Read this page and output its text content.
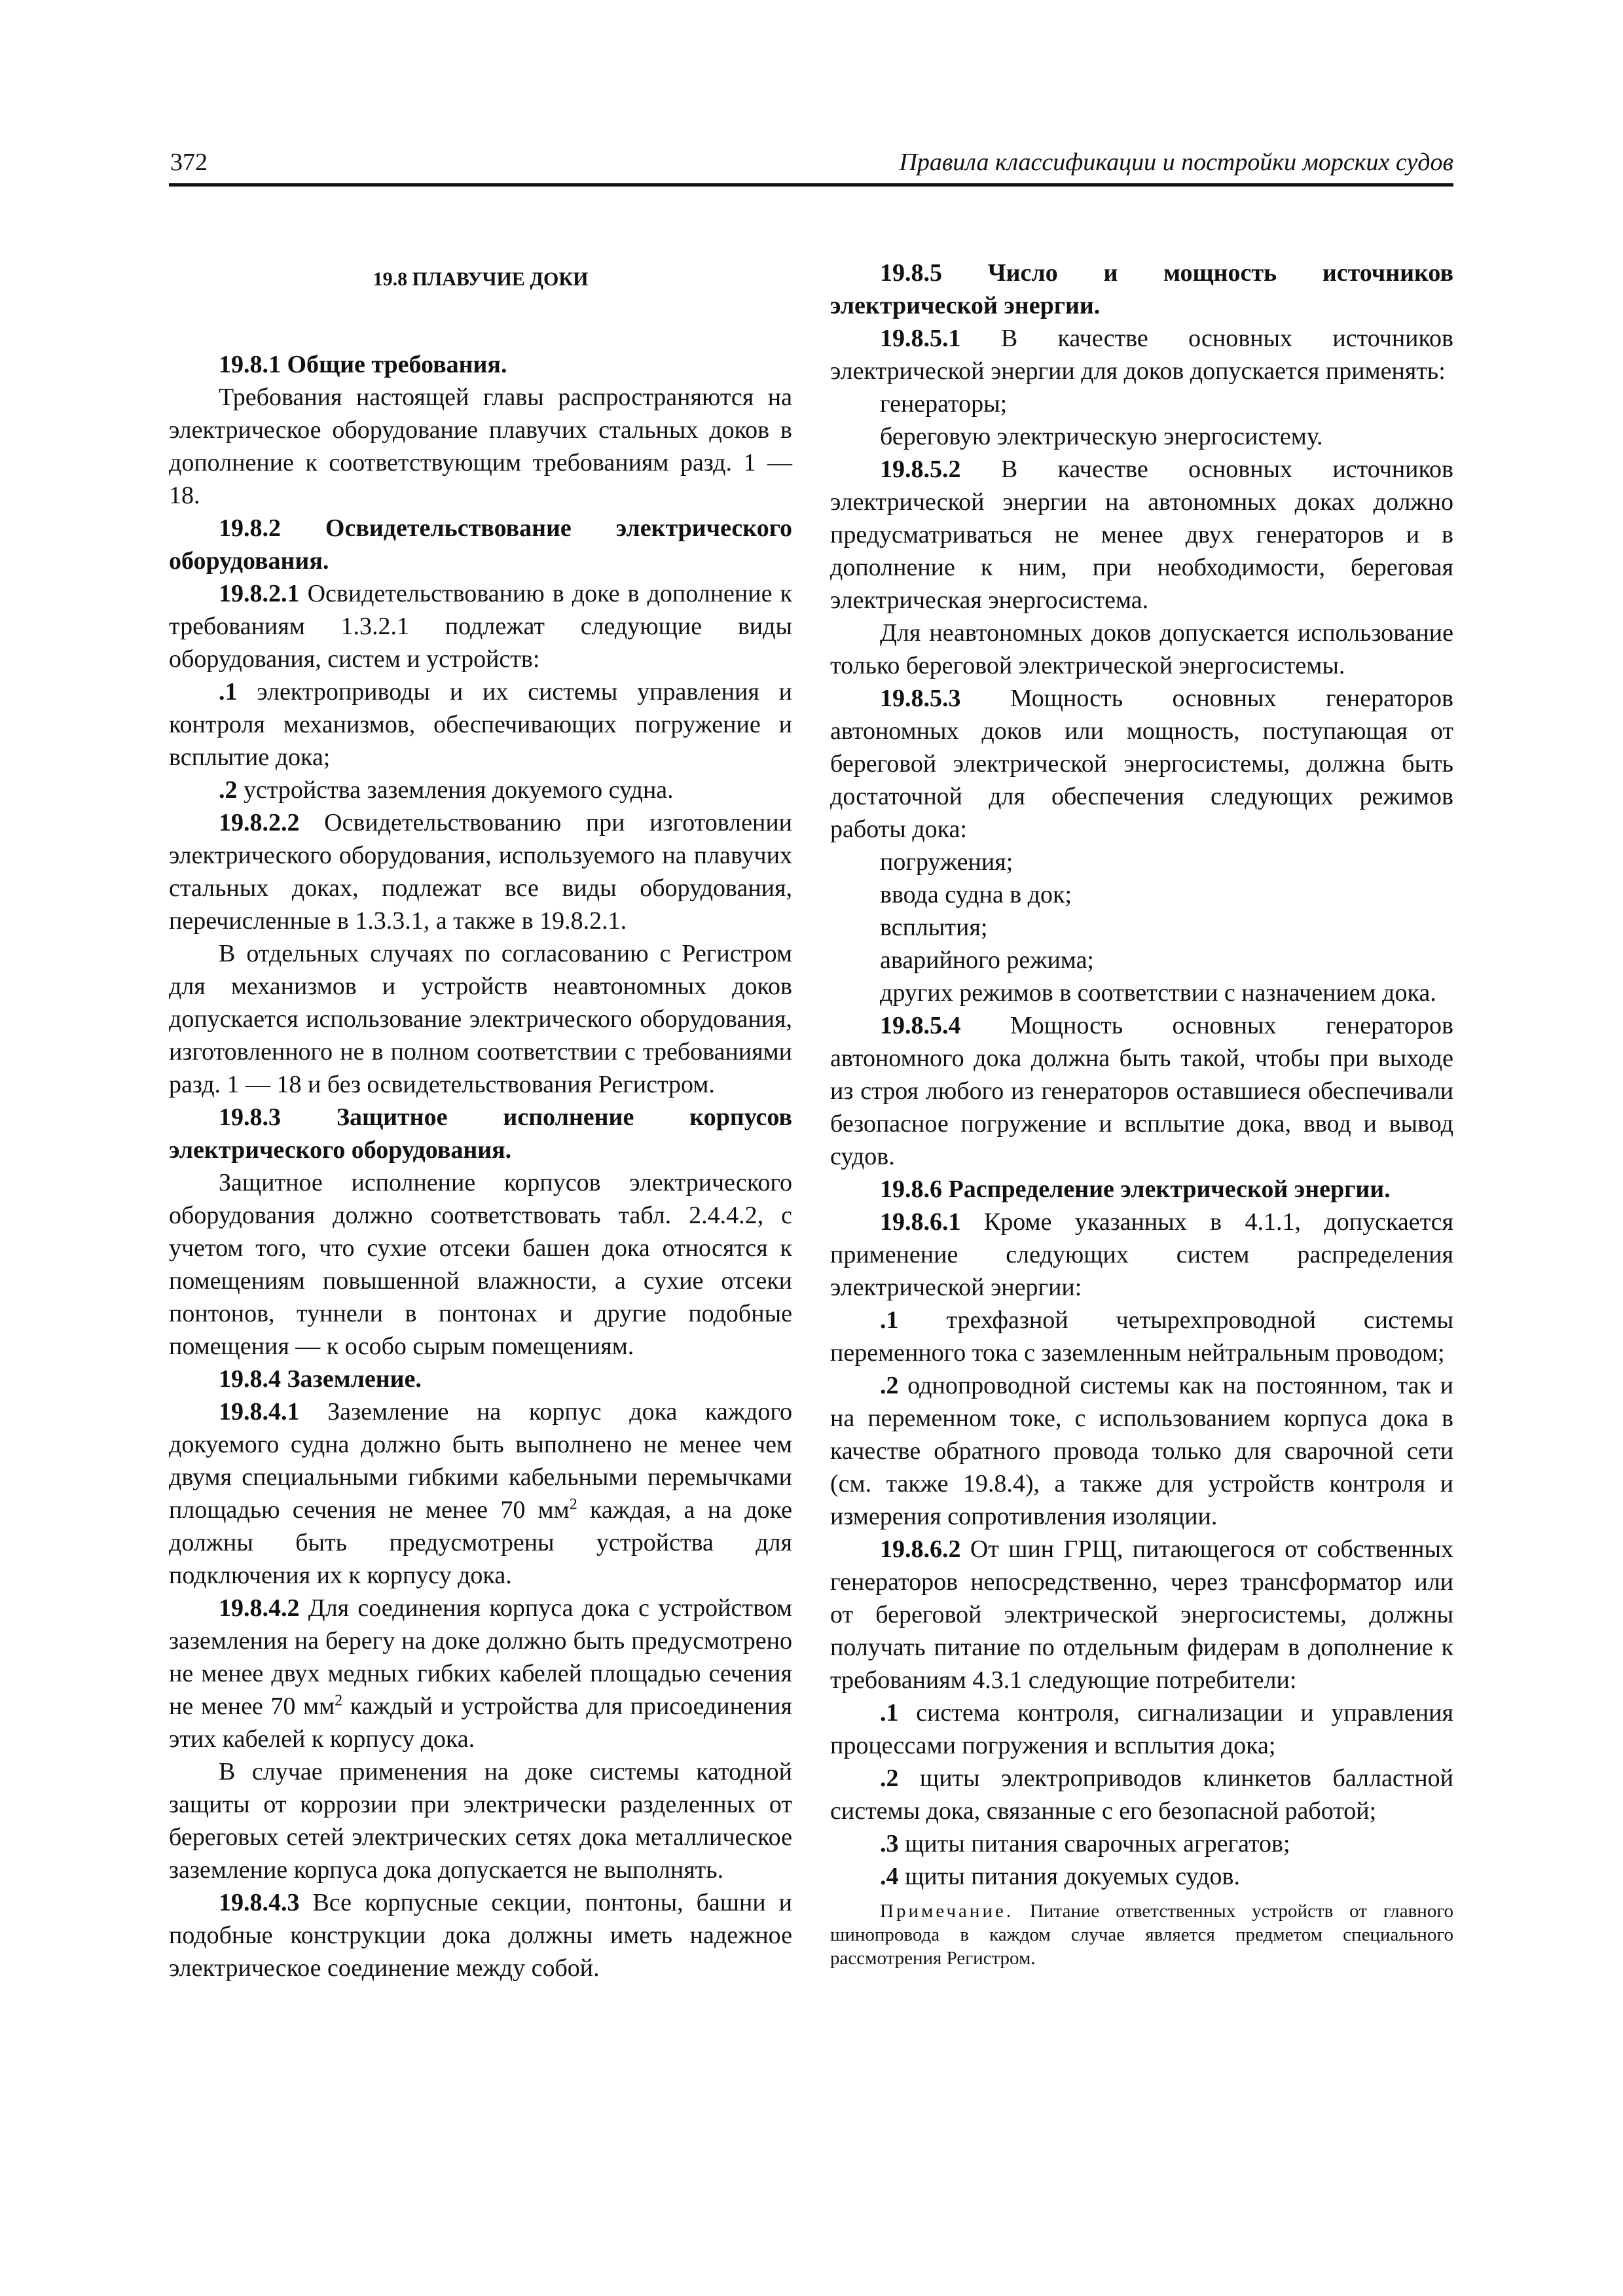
372	Правила классификации и постройки морских судов

19.8 ПЛАВУЧИЕ ДОКИ

19.8.1 Общие требования.

Требования настоящей главы распространяются на электрическое оборудование плавучих стальных доков в дополнение к соответствующим требованиям разд. 1 — 18.

19.8.2 Освидетельствование электрического оборудования.

19.8.2.1 Освидетельствованию в доке в дополнение к требованиям 1.3.2.1 подлежат следующие виды оборудования, систем и устройств:

.1 электроприводы и их системы управления и контроля механизмов, обеспечивающих погружение и всплытие дока;

.2 устройства заземления докуемого судна.

19.8.2.2 Освидетельствованию при изготовлении электрического оборудования, используемого на плавучих стальных доках, подлежат все виды оборудования, перечисленные в 1.3.3.1, а также в 19.8.2.1.

В отдельных случаях по согласованию с Регистром для механизмов и устройств неавтономных доков допускается использование электрического оборудования, изготовленного не в полном соответствии с требованиями разд. 1 — 18 и без освидетельствования Регистром.

19.8.3 Защитное исполнение корпусов электрического оборудования.

Защитное исполнение корпусов электрического оборудования должно соответствовать табл. 2.4.4.2, с учетом того, что сухие отсеки башен дока относятся к помещениям повышенной влажности, а сухие отсеки понтонов, туннели в понтонах и другие подобные помещения — к особо сырым помещениям.

19.8.4 Заземление.

19.8.4.1 Заземление на корпус дока каждого докуемого судна должно быть выполнено не менее чем двумя специальными гибкими кабельными перемычками площадью сечения не менее 70 $мм^2$ каждая, а на доке должны быть предусмотрены устройства для подключения их к корпусу дока.

19.8.4.2 Для соединения корпуса дока с устройством заземления на берегу на доке должно быть предусмотрено не менее двух медных гибких кабелей площадью сечения не менее 70 $мм^2$ каждый и устройства для присоединения этих кабелей к корпусу дока.

В случае применения на доке системы катодной защиты от коррозии при электрически разделенных от береговых сетей электрических сетях дока металлическое заземление корпуса дока допускается не выполнять.

19.8.4.3 Все корпусные секции, понтоны, башни и подобные конструкции дока должны иметь надежное электрическое соединение между собой.

19.8.5 Число и мощность источников электрической энергии.

19.8.5.1 В качестве основных источников электрической энергии для доков допускается применять:

генераторы;

береговую электрическую энергосистему.

19.8.5.2 В качестве основных источников электрической энергии на автономных доках должно предусматриваться не менее двух генераторов и в дополнение к ним, при необходимости, береговая электрическая энергосистема.

Для неавтономных доков допускается использование только береговой электрической энергосистемы.

19.8.5.3 Мощность основных генераторов автономных доков или мощность, поступающая от береговой электрической энергосистемы, должна быть достаточной для обеспечения следующих режимов работы дока:

погружения;

ввода судна в док;

всплытия;

аварийного режима;

других режимов в соответствии с назначением дока.

19.8.5.4 Мощность основных генераторов автономного дока должна быть такой, чтобы при выходе из строя любого из генераторов оставшиеся обеспечивали безопасное погружение и всплытие дока, ввод и вывод судов.

19.8.6 Распределение электрической энергии.

19.8.6.1 Кроме указанных в 4.1.1, допускается применение следующих систем распределения электрической энергии:

.1 трехфазной четырехпроводной системы переменного тока с заземленным нейтральным проводом;

.2 однопроводной системы как на постоянном, так и на переменном токе, с использованием корпуса дока в качестве обратного провода только для сварочной сети (см. также 19.8.4), а также для устройств контроля и измерения сопротивления изоляции.

19.8.6.2 От шин ГРЩ, питающегося от собственных генераторов непосредственно, через трансформатор или от береговой электрической энергосистемы, должны получать питание по отдельным фидерам в дополнение к требованиям 4.3.1 следующие потребители:

.1 система контроля, сигнализации и управления процессами погружения и всплытия дока;

.2 щиты электроприводов клинкетов балластной системы дока, связанные с его безопасной работой;

.3 щиты питания сварочных агрегатов;

.4 щиты питания докуемых судов.

Примечание. Питание ответственных устройств от главного шинопровода в каждом случае является предметом специального рассмотрения Регистром.
